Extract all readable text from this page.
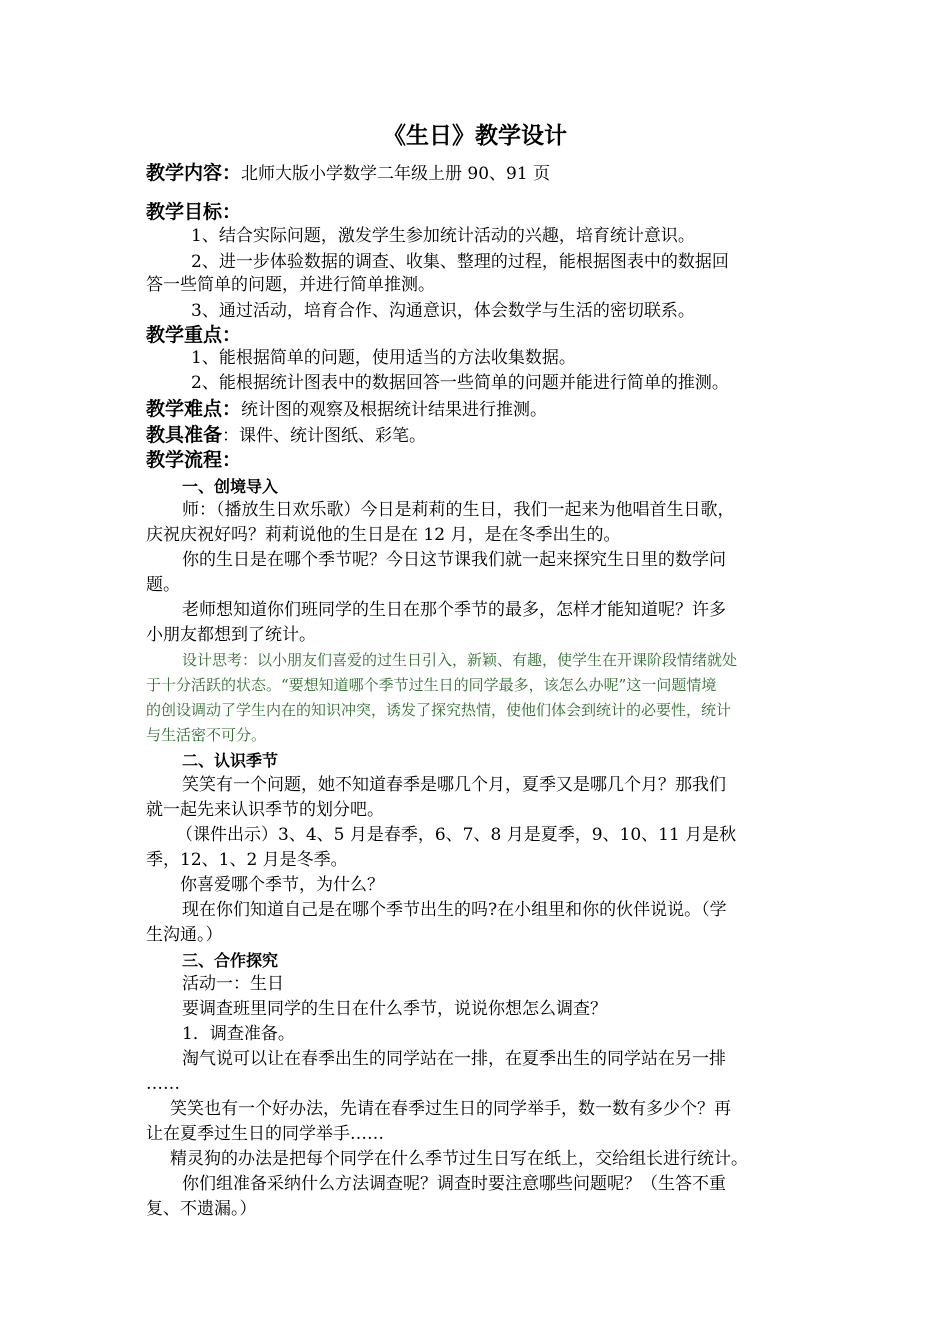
《生日》教学设计
教学内容：北师大版小学数学二年级上册 90、91 页
教学目标：
1、结合实际问题，激发学生参加统计活动的兴趣，培育统计意识。
2、进一步体验数据的调查、收集、整理的过程，能根据图表中的数据回
答一些简单的问题，并进行简单推测。
3、通过活动，培育合作、沟通意识，体会数学与生活的密切联系。
教学重点：
1、能根据简单的问题，使用适当的方法收集数据。
2、能根据统计图表中的数据回答一些简单的问题并能进行简单的推测。
教学难点：统计图的观察及根据统计结果进行推测。
教具准备：课件、统计图纸、彩笔。
教学流程：
一、创境导入
师：（播放生日欢乐歌）今日是莉莉的生日，我们一起来为他唱首生日歌，
庆祝庆祝好吗？莉莉说他的生日是在 12 月，是在冬季出生的。
你的生日是在哪个季节呢？今日这节课我们就一起来探究生日里的数学问
题。
老师想知道你们班同学的生日在那个季节的最多，怎样才能知道呢？许多
小朋友都想到了统计。
设计思考：以小朋友们喜爱的过生日引入，新颖、有趣，使学生在开课阶段情绪就处
于十分活跃的状态。“要想知道哪个季节过生日的同学最多，该怎么办呢”这一问题情境
的创设调动了学生内在的知识冲突，诱发了探究热情，使他们体会到统计的必要性，统计
与生活密不可分。
二、认识季节
笑笑有一个问题，她不知道春季是哪几个月，夏季又是哪几个月？那我们
就一起先来认识季节的划分吧。
（课件出示）3、4、5 月是春季，6、7、8 月是夏季，9、10、11 月是秋
季，12、1、2 月是冬季。
你喜爱哪个季节，为什么？
现在你们知道自己是在哪个季节出生的吗?在小组里和你的伙伴说说。（学
生沟通。）
三、合作探究
活动一：生日
要调查班里同学的生日在什么季节，说说你想怎么调查？
1．调查准备。
淘气说可以让在春季出生的同学站在一排，在夏季出生的同学站在另一排
……
笑笑也有一个好办法，先请在春季过生日的同学举手，数一数有多少个？再
让在夏季过生日的同学举手……
精灵狗的办法是把每个同学在什么季节过生日写在纸上，交给组长进行统计。
你们组准备采纳什么方法调查呢？调查时要注意哪些问题呢？（生答不重
复、不遗漏。）
